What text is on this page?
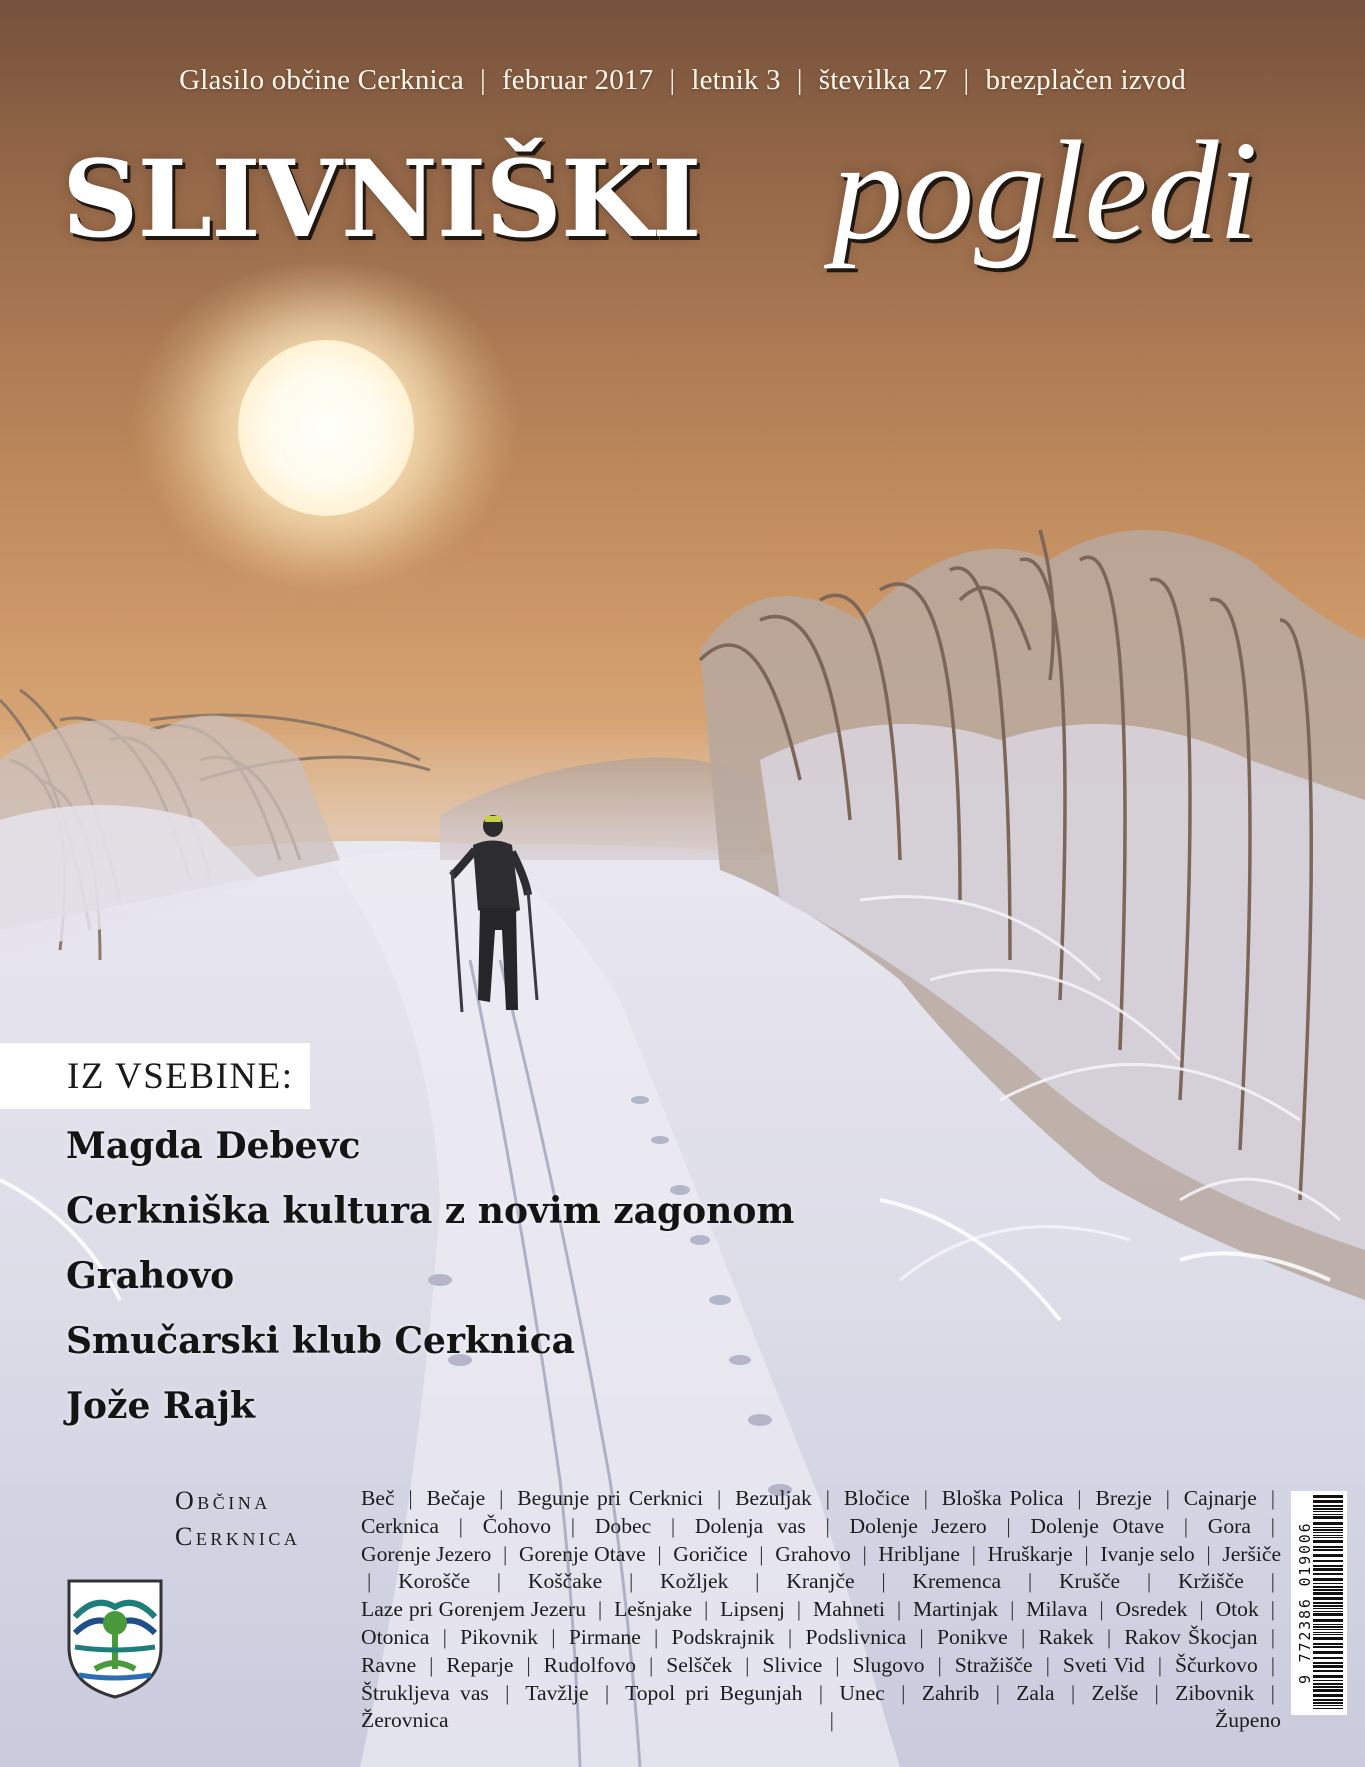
Glasilo občine Cerknica | februar 2017 | letnik 3 | številka 27 | brezplačen izvod
SLIVNIŠKI pogledi
IZ VSEBINE:
Magda Debevc
Cerkniška kultura z novim zagonom
Grahovo
Smučarski klub Cerknica
Jože Rajk
Občina
Cerknica
Beč | Bečaje | Begunje pri Cerknici | Bezuljak | Bločice | Bloška Polica | Brezje | Cajnarje | Cerknica | Čohovo | Dobec | Dolenja vas | Dolenje Jezero | Dolenje Otave | Gora | Gorenje Jezero | Gorenje Otave | Goričice | Grahovo | Hribljane | Hruškarje | Ivanje selo | Jeršiče | Korošče | Koščake | Kožljek | Kranjče | Kremenca | Krušče | Kržišče | Laze pri Gorenjem Jezeru | Lešnjake | Lipsenj | Mahneti | Martinjak | Milava | Osredek | Otok | Otonica | Pikovnik | Pirmane | Podskrajnik | Podslivnica | Ponikve | Rakek | Rakov Škocjan | Ravne | Reparje | Rudolfovo | Selšček | Slivice | Slugovo | Stražišče | Sveti Vid | Ščurkovo | Štrukljeva vas | Tavžlje | Topol pri Begunjah | Unec | Zahrib | Zala | Zelše | Zibovnik | Žerovnica	|	Župeno
9 772386 019006
